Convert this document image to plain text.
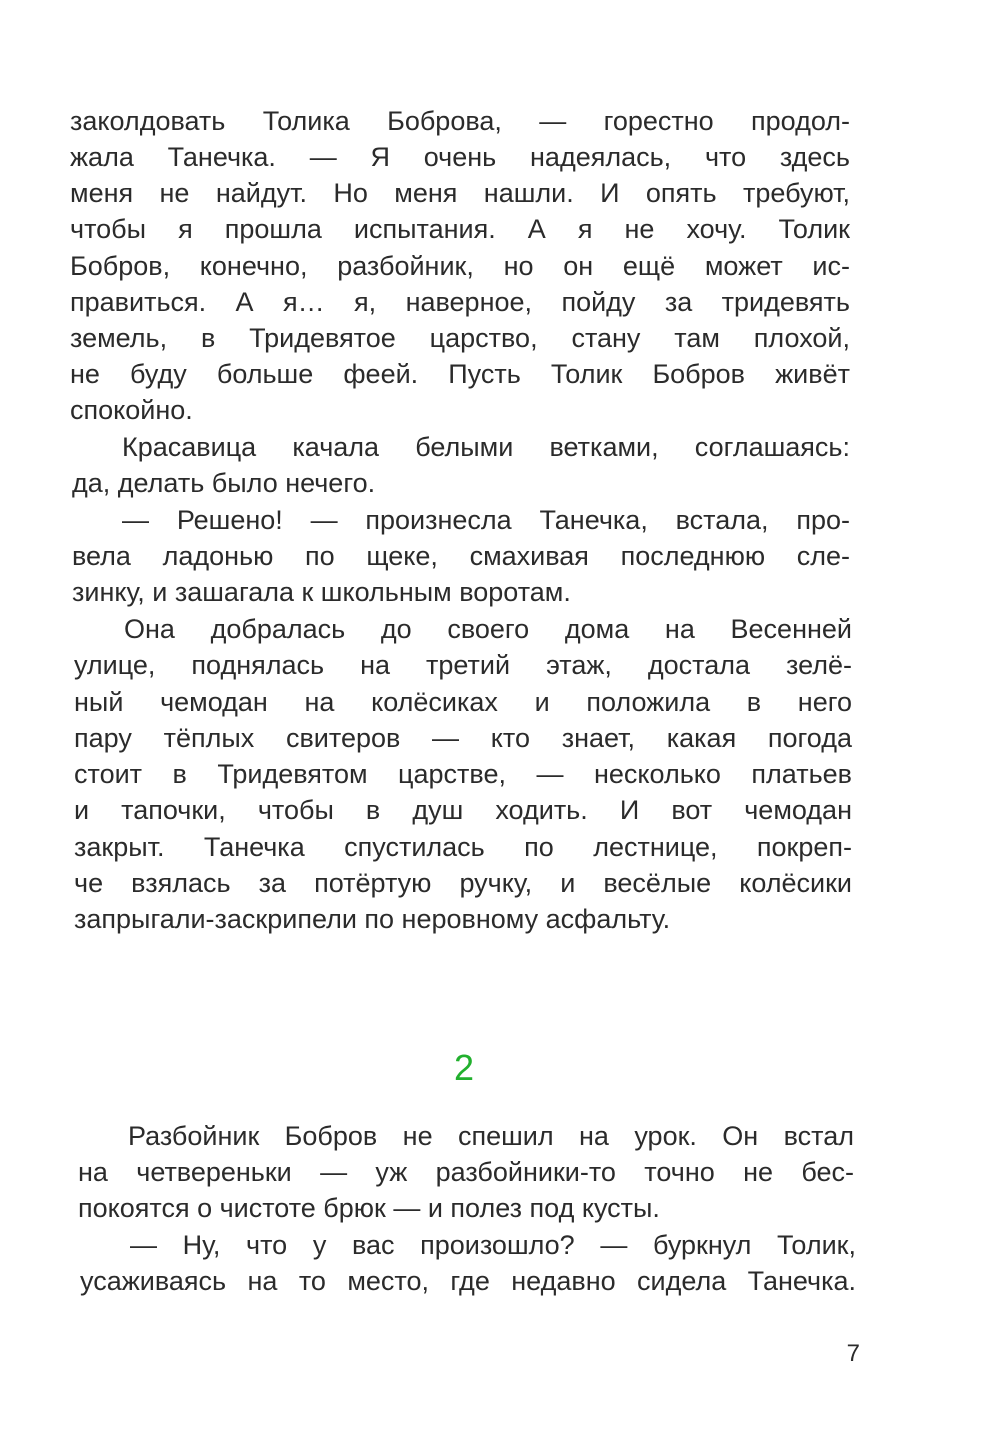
заколдовать Толика Боброва, — горестно продол-
жала Танечка. — Я очень надеялась, что здесь
меня не найдут. Но меня нашли. И опять требуют,
чтобы я прошла испытания. А я не хочу. Толик
Бобров, конечно, разбойник, но он ещё может ис-
правиться. А я… я, наверное, пойду за тридевять
земель, в Тридевятое царство, стану там плохой,
не буду больше феей. Пусть Толик Бобров живёт
спокойно.
Красавица качала белыми ветками, соглашаясь:
да, делать было нечего.
— Решено! — произнесла Танечка, встала, про-
вела ладонью по щеке, смахивая последнюю сле-
зинку, и зашагала к школьным воротам.
Она добралась до своего дома на Весенней
улице, поднялась на третий этаж, достала зелё-
ный чемодан на колёсиках и положила в него
пару тёплых свитеров — кто знает, какая погода
стоит в Тридевятом царстве, — несколько платьев
и тапочки, чтобы в душ ходить. И вот чемодан
закрыт. Танечка спустилась по лестнице, покреп-
че взялась за потёртую ручку, и весёлые колёсики
запрыгали-заскрипели по неровному асфальту.
2
Разбойник Бобров не спешил на урок. Он встал
на четвереньки — уж разбойники-то точно не бес-
покоятся о чистоте брюк — и полез под кусты.
— Ну, что у вас произошло? — буркнул Толик,
усаживаясь на то место, где недавно сидела Танечка.
7
